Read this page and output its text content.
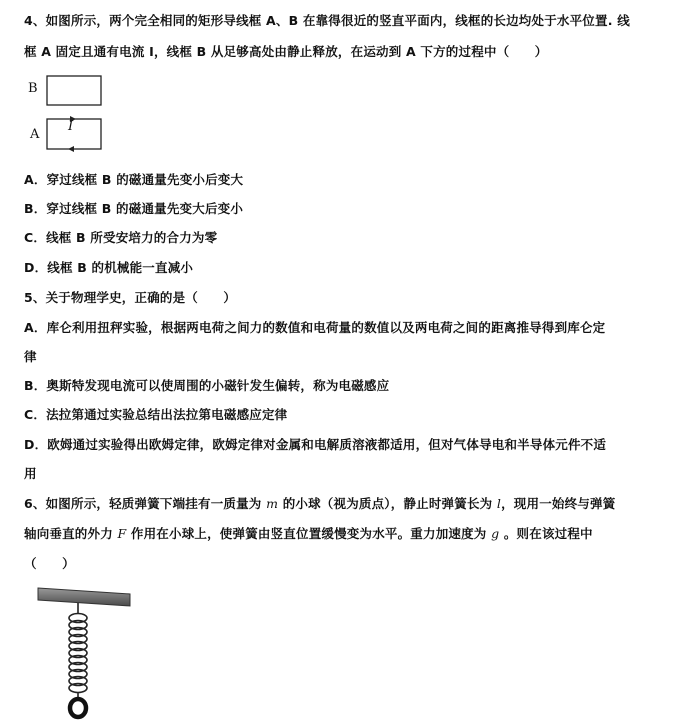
4、如图所示，两个完全相同的矩形导线框 A、B 在靠得很近的竖直平面内，线框的长边均处于水平位置. 线
框 A 固定且通有电流 I，线框 B 从足够高处由静止释放，在运动到 A 下方的过程中（　　）
B
A
I
A．穿过线框 B 的磁通量先变小后变大
B．穿过线框 B 的磁通量先变大后变小
C．线框 B 所受安培力的合力为零
D．线框 B 的机械能一直减小
5、关于物理学史，正确的是（　　）
A．库仑利用扭秤实验，根据两电荷之间力的数值和电荷量的数值以及两电荷之间的距离推导得到库仑定
律
B．奥斯特发现电流可以使周围的小磁针发生偏转，称为电磁感应
C．法拉第通过实验总结出法拉第电磁感应定律
D．欧姆通过实验得出欧姆定律，欧姆定律对金属和电解质溶液都适用，但对气体导电和半导体元件不适
用
6、如图所示，轻质弹簧下端挂有一质量为 m 的小球（视为质点），静止时弹簧长为 l，现用一始终与弹簧
轴向垂直的外力 F 作用在小球上，使弹簧由竖直位置缓慢变为水平。重力加速度为 g 。则在该过程中
（　　）
